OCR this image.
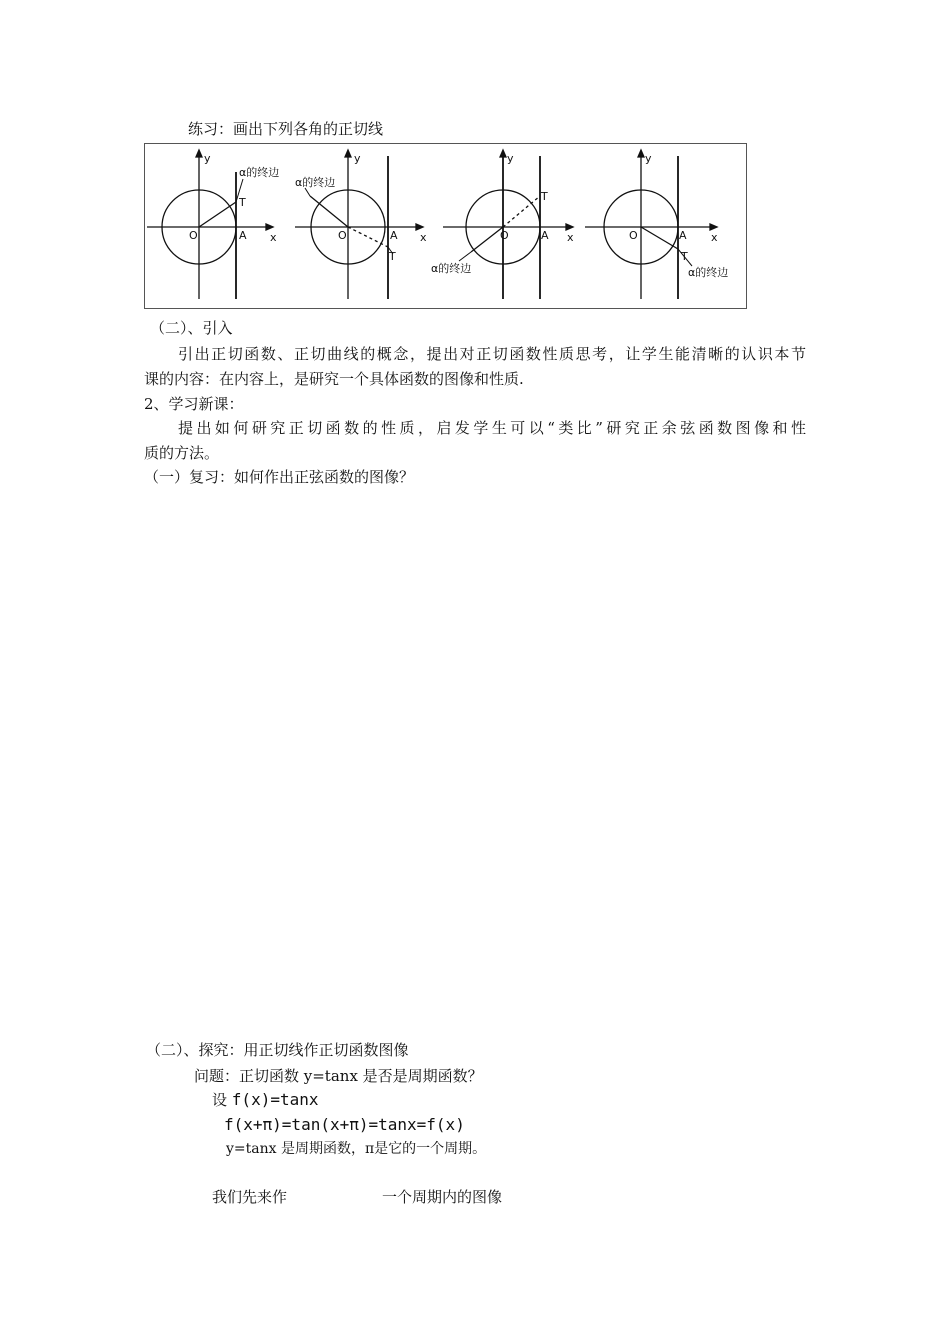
练习：画出下列各角的正切线
y
x
O	A
T
α的终边
y
x
O	A
T
α的终边
y
x
O	A
T
α的终边
y
x
O	A
T
α的终边
（二）、引入
引出正切函数、正切曲线的概念，提出对正切函数性质思考，让学生能清晰的认识本节
课的内容：在内容上，是研究一个具体函数的图像和性质.
2、学习新课：
提出如何研究正切函数的性质，启发学生可以“类比”研究正余弦函数图像和性
质的方法。
（一）复习：如何作出正弦函数的图像？
（二）、探究：用正切线作正切函数图像
问题：正切函数 y=tanx 是否是周期函数？
设 f(x)=tanx
f(x+π)=tan(x+π)=tanx=f(x)
y=tanx 是周期函数，π是它的一个周期。
我们先来作	一个周期内的图像
